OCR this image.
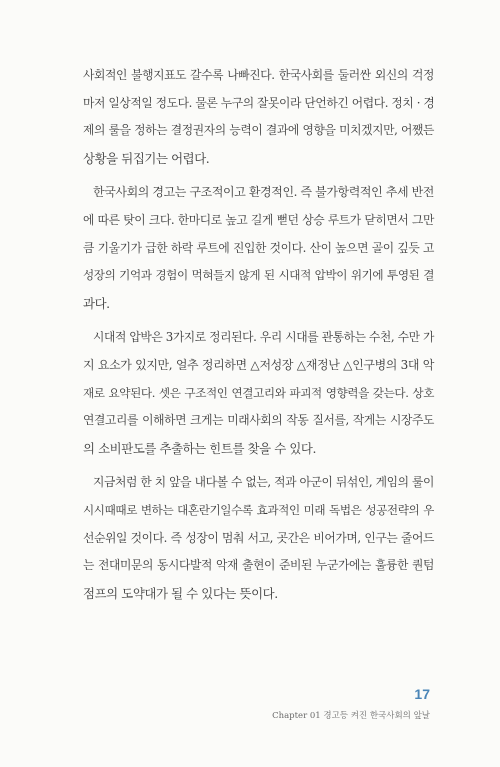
사회적인 불행지표도 갈수록 나빠진다. 한국사회를 둘러싼 외신의 걱정
마저 일상적일 정도다. 물론 누구의 잘못이라 단언하긴 어렵다. 정치 · 경
제의 룰을 정하는 결정권자의 능력이 결과에 영향을 미치겠지만, 어쨌든
상황을 뒤집기는 어렵다.

한국사회의 경고는 구조적이고 환경적인. 즉 불가항력적인 추세 반전
에 따른 탓이 크다. 한마디로 높고 길게 뻗던 상승 루트가 닫히면서 그만
큼 기울기가 급한 하락 루트에 진입한 것이다. 산이 높으면 골이 깊듯 고
성장의 기억과 경험이 먹혀들지 않게 된 시대적 압박이 위기에 투영된 결
과다.

시대적 압박은 3가지로 정리된다. 우리 시대를 관통하는 수천, 수만 가
지 요소가 있지만, 얼추 정리하면 △저성장 △재정난 △인구병의 3대 악
재로 요약된다. 셋은 구조적인 연결고리와 파괴적 영향력을 갖는다. 상호
연결고리를 이해하면 크게는 미래사회의 작동 질서를, 작게는 시장주도
의 소비판도를 추출하는 힌트를 찾을 수 있다.

지금처럼 한 치 앞을 내다볼 수 없는, 적과 아군이 뒤섞인, 게임의 룰이
시시때때로 변하는 대혼란기일수록 효과적인 미래 독법은 성공전략의 우
선순위일 것이다. 즉 성장이 멈춰 서고, 곳간은 비어가며, 인구는 줄어드
는 전대미문의 동시다발적 악재 출현이 준비된 누군가에는 훌륭한 퀀텀
점프의 도약대가 될 수 있다는 뜻이다.

17
Chapter 01 경고등 켜진 한국사회의 앞날
